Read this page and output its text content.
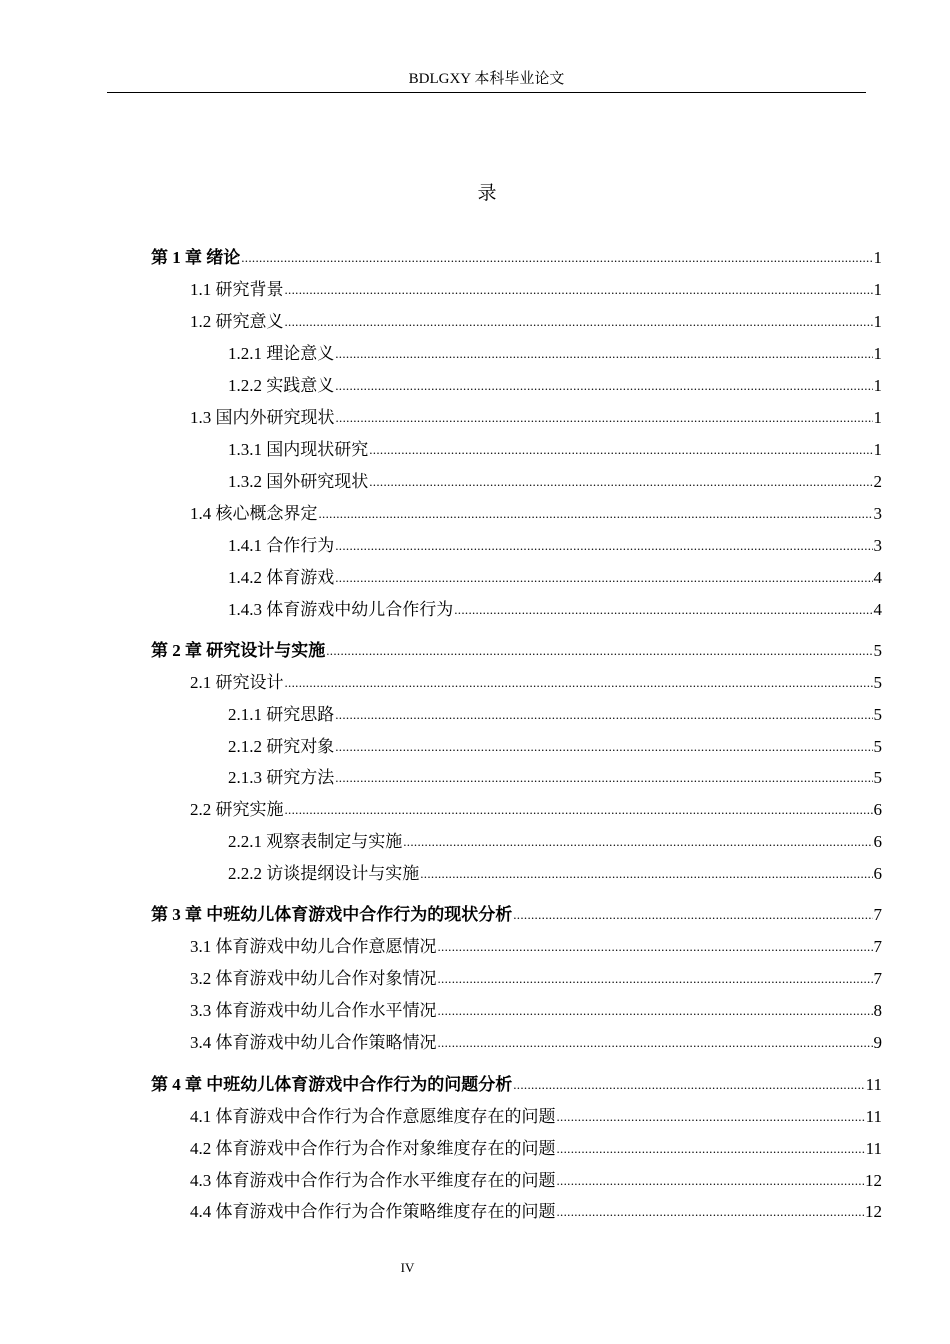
BDLGXY 本科毕业论文
录
第 1 章 绪论 .....	1
1.1 研究背景 .....	1
1.2 研究意义 .....	1
1.2.1 理论意义 .....	1
1.2.2 实践意义 .....	1
1.3 国内外研究现状 .....	1
1.3.1 国内现状研究 .....	1
1.3.2 国外研究现状 .....	2
1.4 核心概念界定 .....	3
1.4.1 合作行为 .....	3
1.4.2 体育游戏 .....	4
1.4.3 体育游戏中幼儿合作行为 .....	4
第 2 章 研究设计与实施 .....	5
2.1 研究设计 .....	5
2.1.1 研究思路 .....	5
2.1.2 研究对象 .....	5
2.1.3 研究方法 .....	5
2.2 研究实施 .....	6
2.2.1 观察表制定与实施 .....	6
2.2.2 访谈提纲设计与实施 .....	6
第 3 章 中班幼儿体育游戏中合作行为的现状分析 .....	7
3.1 体育游戏中幼儿合作意愿情况 .....	7
3.2 体育游戏中幼儿合作对象情况 .....	7
3.3 体育游戏中幼儿合作水平情况 .....	8
3.4 体育游戏中幼儿合作策略情况 .....	9
第 4 章 中班幼儿体育游戏中合作行为的问题分析 .....	11
4.1 体育游戏中合作行为合作意愿维度存在的问题 .....	11
4.2 体育游戏中合作行为合作对象维度存在的问题 .....	11
4.3 体育游戏中合作行为合作水平维度存在的问题 .....	12
4.4 体育游戏中合作行为合作策略维度存在的问题 .....	12
IV
